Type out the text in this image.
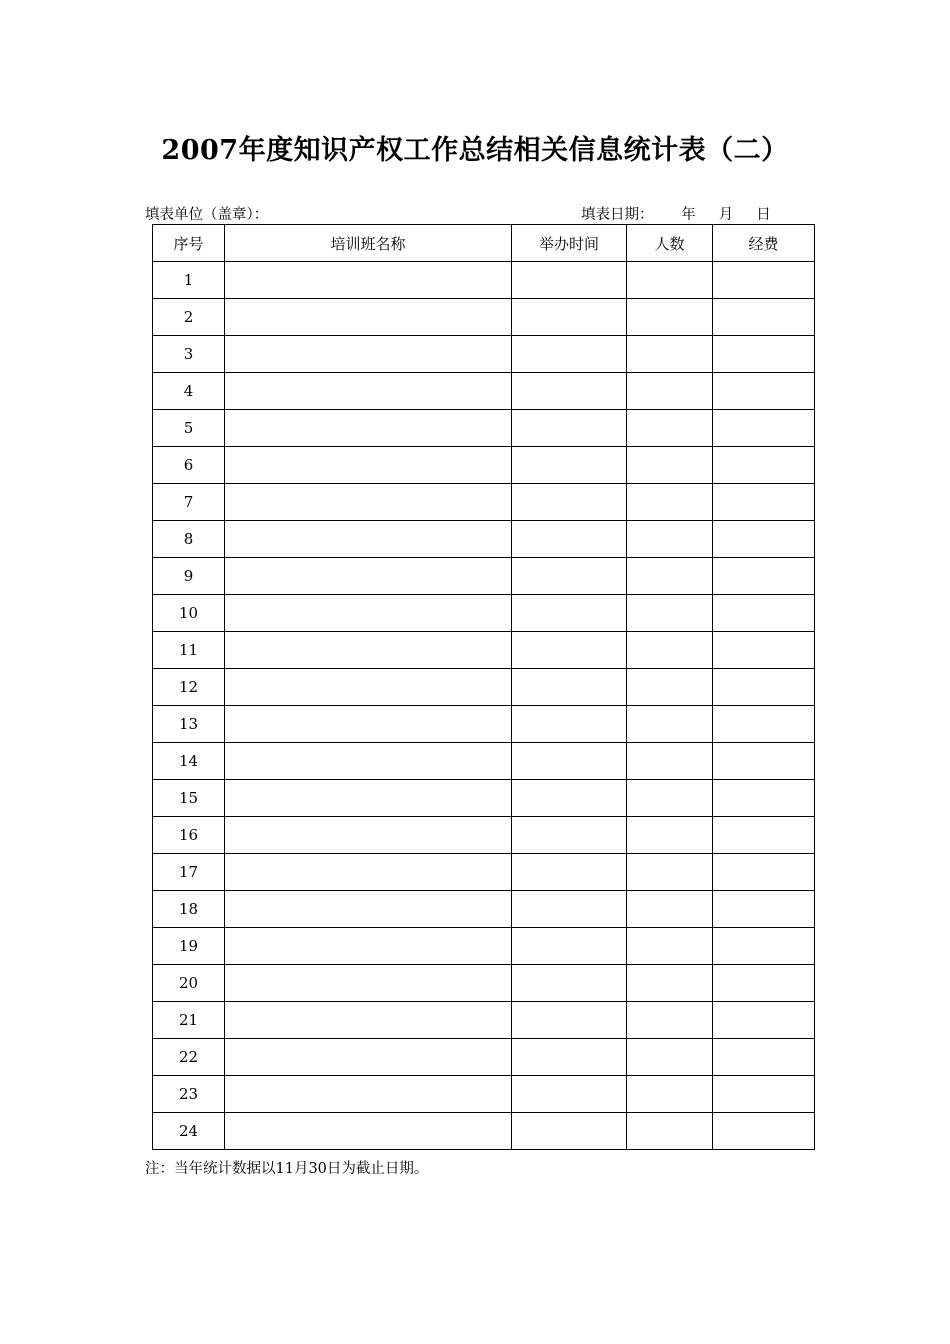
2007年度知识产权工作总结相关信息统计表（二）
填表单位（盖章）：	填表日期：      年     月     日
序号	培训班名称	举办时间	人数	经费
1				
2				
3				
4				
5				
6				
7				
8				
9				
10				
11				
12				
13				
14				
15				
16				
17				
18				
19				
20				
21				
22				
23				
24				
注：当年统计数据以11月30日为截止日期。
